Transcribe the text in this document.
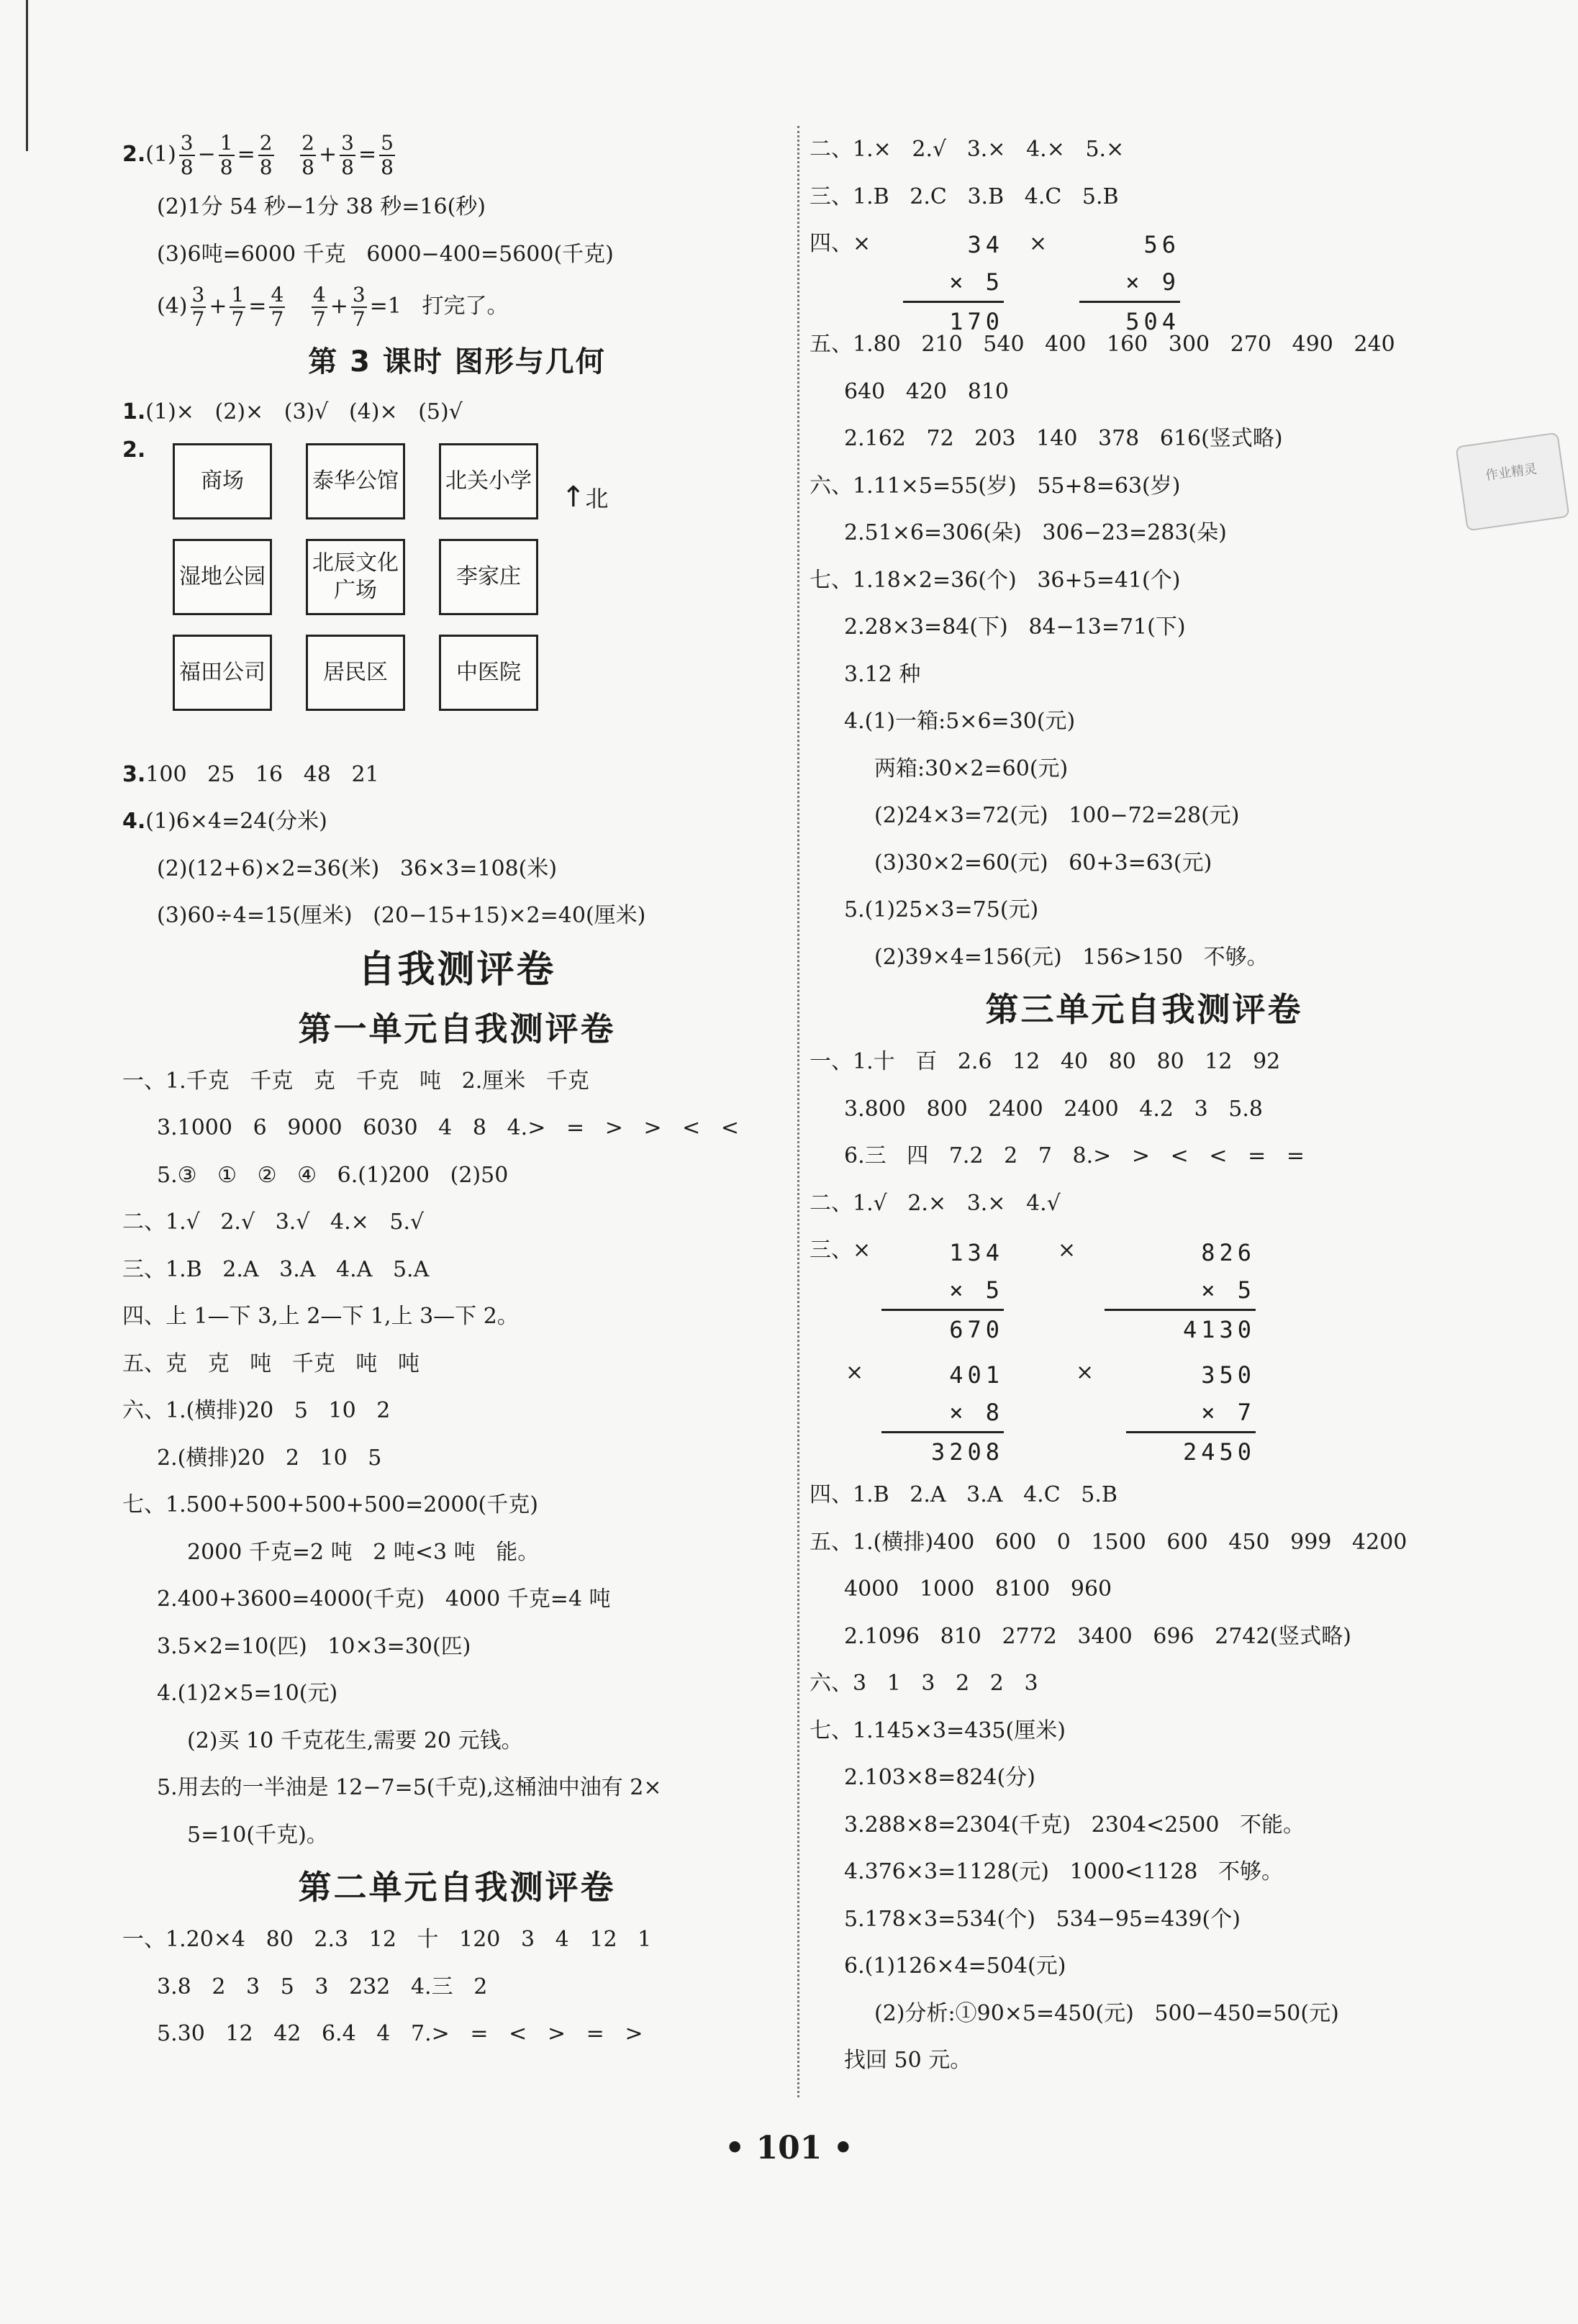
$2.(1) \frac{3}{8} - \frac{1}{8} = \frac{2}{8}$
$\frac{2}{8} + \frac{3}{8} = \frac{5}{8}$
(2)1分 54 秒−1分 38 秒=16(秒)
(3)6吨=6000 千克   6000−400=5600(千克)
$(4) \frac{3}{7} + \frac{1}{7} = \frac{4}{7}$
$\frac{4}{7} + \frac{3}{7} =1$ 打完了。
第 3 课时 图形与几何
1.(1)×   (2)×   (3)√   (4)×   (5)√
2.
商场	泰华公馆	北关小学 ↑北
湿地公园
北辰文化广场
李家庄
福田公司	居民区	中医院
3.100   25   16   48   21
4.(1)6×4=24(分米)
(2)(12+6)×2=36(米)   36×3=108(米)
(3)60÷4=15(厘米)   (20−15+15)×2=40(厘米)
自我测评卷
第一单元自我测评卷
一、1.千克   千克   克   千克   吨   2.厘米   千克
3.1000   6   9000   6030   4   8   4.>   =   >   >   <   <
5.③   ①   ②   ④   6.(1)200   (2)50
二、1.√   2.√   3.√   4.×   5.√
三、1.B   2.A   3.A   4.A   5.A
四、上 1—下 3,上 2—下 1,上 3—下 2。
五、克   克   吨   千克   吨   吨
六、1.(横排)20   5   10   2
2.(横排)20   2   10   5
七、1.500+500+500+500=2000(千克)
2000 千克=2 吨   2 吨<3 吨   能。
2.400+3600=4000(千克)   4000 千克=4 吨
3.5×2=10(匹)   10×3=30(匹)
4.(1)2×5=10(元)
(2)买 10 千克花生,需要 20 元钱。
5.用去的一半油是 12−7=5(千克),这桶油中油有 2×
5=10(千克)。
第二单元自我测评卷
一、1.20×4   80   2.3   12   十   120   3   4   12   1
3.8   2   3   5   3   232   4.三   2
5.30   12   42   6.4   4   7.>   =   <   >   =   >
二、1.×   2.√   3.×   4.×   5.×
三、1.B   2.C   3.B   4.C   5.B
四、×	34
× 5
170
×	56
× 9
504
五、1.80   210   540   400   160   300   270   490   240
640   420   810
2.162   72   203   140   378   616(竖式略)
六、1.11×5=55(岁)   55+8=63(岁)
2.51×6=306(朵)   306−23=283(朵)
七、1.18×2=36(个)   36+5=41(个)
2.28×3=84(下)   84−13=71(下)
3.12 种
4.(1)一箱:5×6=30(元)
两箱:30×2=60(元)
(2)24×3=72(元)   100−72=28(元)
(3)30×2=60(元)   60+3=63(元)
5.(1)25×3=75(元)
(2)39×4=156(元)   156>150   不够。
第三单元自我测评卷
一、1.十   百   2.6   12   40   80   80   12   92
3.800   800   2400   2400   4.2   3   5.8
6.三   四   7.2   2   7   8.>   >   <   <   =   =
二、1.√   2.×   3.×   4.√
三、×	134
× 5
670
×	826
× 5
4130
×	401
× 8
3208
×	350
× 7
2450
四、1.B   2.A   3.A   4.C   5.B
五、1.(横排)400   600   0   1500   600   450   999   4200
4000   1000   8100   960
2.1096   810   2772   3400   696   2742(竖式略)
六、3   1   3   2   2   3
七、1.145×3=435(厘米)
2.103×8=824(分)
3.288×8=2304(千克)   2304<2500   不能。
4.376×3=1128(元)   1000<1128   不够。
5.178×3=534(个)   534−95=439(个)
6.(1)126×4=504(元)
(2)分析:①90×5=450(元)   500−450=50(元)
找回 50 元。
作业精灵
• 101 •
